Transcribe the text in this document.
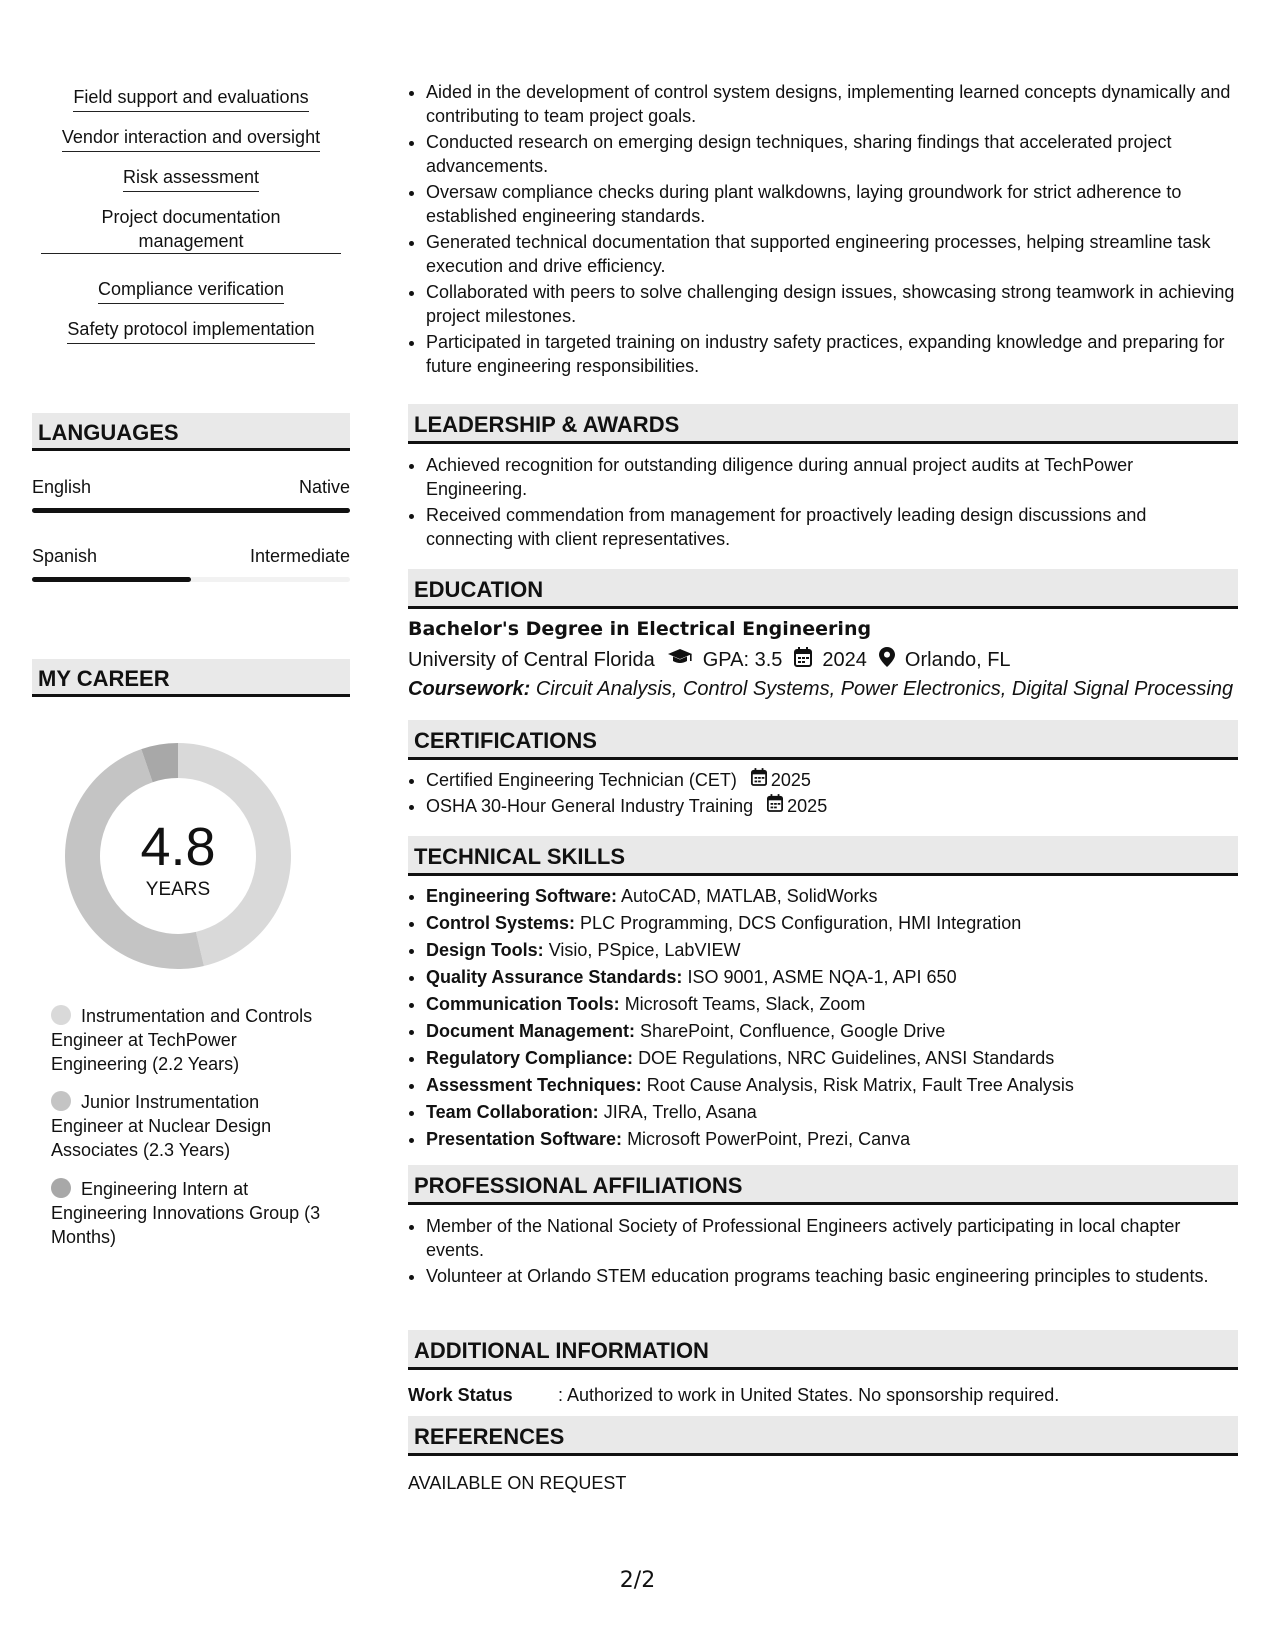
Field support and evaluations
Vendor interaction and oversight
Risk assessment
Project documentation management
Compliance verification
Safety protocol implementation
LANGUAGES
English	Native
Spanish	Intermediate
MY CAREER
4.8
YEARS
Instrumentation and Controls Engineer at TechPower Engineering (2.2 Years)
Junior Instrumentation Engineer at Nuclear Design Associates (2.3 Years)
Engineering Intern at Engineering Innovations Group (3 Months)
• Aided in the development of control system designs, implementing learned concepts dynamically and contributing to team project goals.
• Conducted research on emerging design techniques, sharing findings that accelerated project advancements.
• Oversaw compliance checks during plant walkdowns, laying groundwork for strict adherence to established engineering standards.
• Generated technical documentation that supported engineering processes, helping streamline task execution and drive efficiency.
• Collaborated with peers to solve challenging design issues, showcasing strong teamwork in achieving project milestones.
• Participated in targeted training on industry safety practices, expanding knowledge and preparing for future engineering responsibilities.
LEADERSHIP & AWARDS
• Achieved recognition for outstanding diligence during annual project audits at TechPower Engineering.
• Received commendation from management for proactively leading design discussions and connecting with client representatives.
EDUCATION
Bachelor's Degree in Electrical Engineering
University of Central Florida GPA: 3.5 2024 Orlando, FL
Coursework: Circuit Analysis, Control Systems, Power Electronics, Digital Signal Processing
CERTIFICATIONS
• Certified Engineering Technician (CET) 2025
• OSHA 30-Hour General Industry Training 2025
TECHNICAL SKILLS
• Engineering Software: AutoCAD, MATLAB, SolidWorks
• Control Systems: PLC Programming, DCS Configuration, HMI Integration
• Design Tools: Visio, PSpice, LabVIEW
• Quality Assurance Standards: ISO 9001, ASME NQA-1, API 650
• Communication Tools: Microsoft Teams, Slack, Zoom
• Document Management: SharePoint, Confluence, Google Drive
• Regulatory Compliance: DOE Regulations, NRC Guidelines, ANSI Standards
• Assessment Techniques: Root Cause Analysis, Risk Matrix, Fault Tree Analysis
• Team Collaboration: JIRA, Trello, Asana
• Presentation Software: Microsoft PowerPoint, Prezi, Canva
PROFESSIONAL AFFILIATIONS
• Member of the National Society of Professional Engineers actively participating in local chapter events.
• Volunteer at Orlando STEM education programs teaching basic engineering principles to students.
ADDITIONAL INFORMATION
Work Status	: Authorized to work in United States. No sponsorship required.
REFERENCES
AVAILABLE ON REQUEST
2/2
